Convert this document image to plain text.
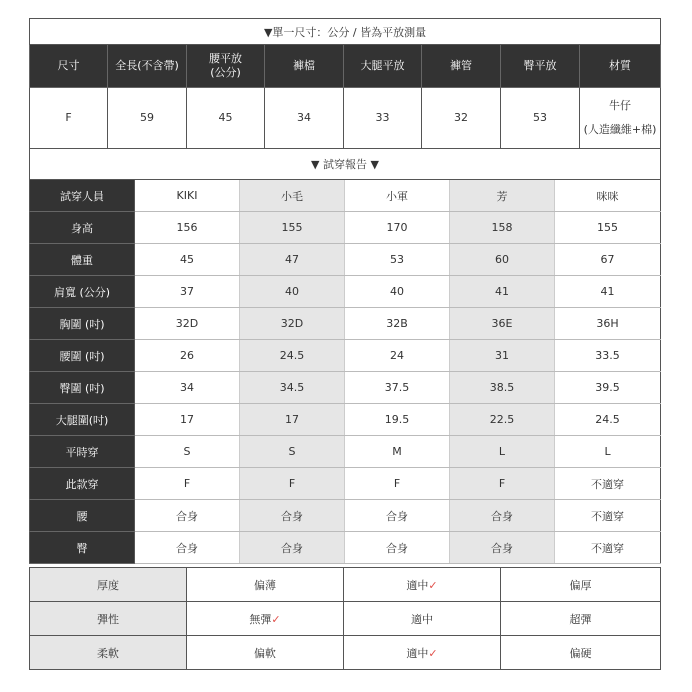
▼單一尺寸：公分 / 皆為平放測量							
尺寸	全長(不含帶)	腰平放
(公分)	褲檔	大腿平放	褲管	臀平放	材質
F	59	45	34	33	32	53	牛仔
(人造纖維+棉)
▼ 試穿報告 ▼					
試穿人員	KIKI	小毛	小軍	芳	咪咪
身高	156	155	170	158	155
體重	45	47	53	60	67
肩寬 (公分)	37	40	40	41	41
胸圍 (吋)	32D	32D	32B	36E	36H
腰圍 (吋)	26	24.5	24	31	33.5
臀圍 (吋)	34	34.5	37.5	38.5	39.5
大腿圍(吋)	17	17	19.5	22.5	24.5
平時穿	S	S	M	L	L
此款穿	F	F	F	F	不適穿
腰	合身	合身	合身	合身	不適穿
臀	合身	合身	合身	合身	不適穿
厚度	偏薄	適中✓	偏厚
彈性	無彈✓	適中	超彈
柔軟	偏軟	適中✓	偏硬
